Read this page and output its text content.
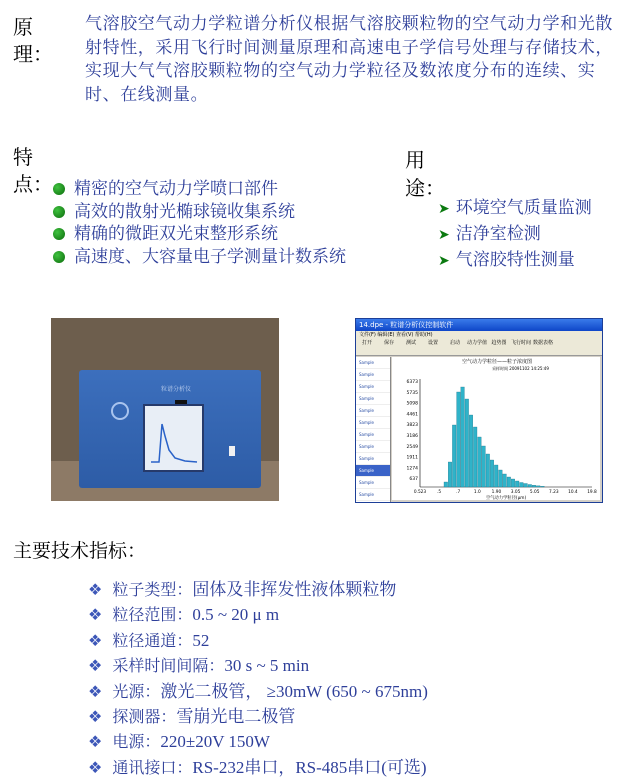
原
理：
气溶胶空气动力学粒谱分析仪根据气溶胶颗粒物的空气动力学和光散射特性，采用飞行时间测量原理和高速电子学信号处理与存储技术，实现大气气溶胶颗粒物的空气动力学粒径及数浓度分布的连续、实时、在线测量。
特
点：	精密的空气动力学喷口部件
高效的散射光椭球镜收集系统
精确的微距双光束整形系统
高速度、大容量电子学测量计数系统
用
途：
➤ 环境空气质量监测
➤ 洁净室检测
➤ 气溶胶特性测量
粒谱分析仪
14.dpe - 粒谱分析仪控制软件
文件(F) 编辑(E) 查看(V) 帮助(H)
打开 保存 测试 设置 启动 动力学值 趋势图 飞行时间 数据表格
Sample
Sample
Sample
Sample
Sample
Sample
Sample
Sample
Sample
Sample
Sample
Sample
空气动力学粒径——粒子浓度图
采样时间 20091102 14:25:49
6373
5735
5098
4461
3823
3186
2549
1911
1274
637
0.523	.5	.7	1.0	1.90 3.05 5.05 7.23 10.4 19.8
空气动力学粒径(μm)
主要技术指标：
❖ 粒子类型：固体及非挥发性液体颗粒物
❖ 粒径范围：0.5 ~ 20 μ m
❖ 粒径通道：52
❖ 采样时间间隔：30 s ~ 5 min
❖ 光源：激光二极管， ≥30mW (650 ~ 675nm)
❖ 探测器：雪崩光电二极管
❖ 电源：220±20V 150W
❖ 通讯接口：RS-232串口，RS-485串口(可选)
